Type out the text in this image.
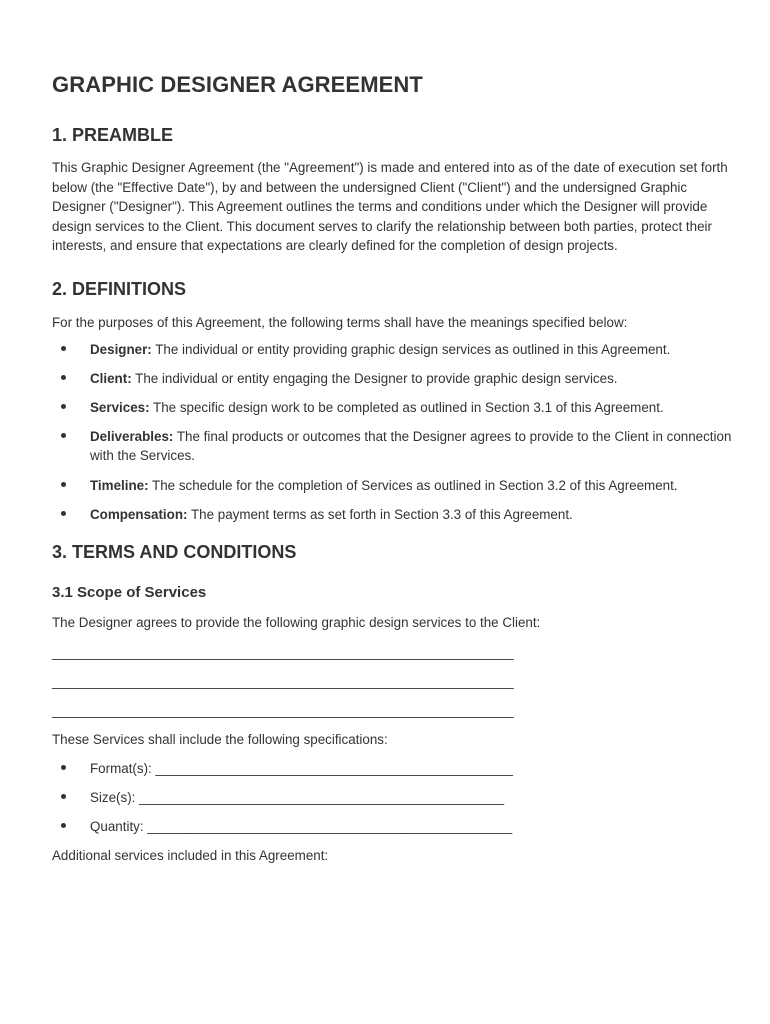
GRAPHIC DESIGNER AGREEMENT
1. PREAMBLE

This Graphic Designer Agreement (the "Agreement") is made and entered into as of the date of execution set forth below (the "Effective Date"), by and between the undersigned Client ("Client") and the undersigned Graphic Designer ("Designer"). This Agreement outlines the terms and conditions under which the Designer will provide design services to the Client. This document serves to clarify the relationship between both parties, protect their interests, and ensure that expectations are clearly defined for the completion of design projects.

2. DEFINITIONS

For the purposes of this Agreement, the following terms shall have the meanings specified below:

Designer: The individual or entity providing graphic design services as outlined in this Agreement.
Client: The individual or entity engaging the Designer to provide graphic design services.
Services: The specific design work to be completed as outlined in Section 3.1 of this Agreement.
Deliverables: The final products or outcomes that the Designer agrees to provide to the Client in connection with the Services.
Timeline: The schedule for the completion of Services as outlined in Section 3.2 of this Agreement.
Compensation: The payment terms as set forth in Section 3.3 of this Agreement.
3. TERMS AND CONDITIONS
3.1 Scope of Services

The Designer agrees to provide the following graphic design services to the Client:

______________________________________________________________
______________________________________________________________
______________________________________________________________

These Services shall include the following specifications:

Format(s): ________________________________________________
Size(s): _________________________________________________
Quantity: _________________________________________________

Additional services included in this Agreement:
